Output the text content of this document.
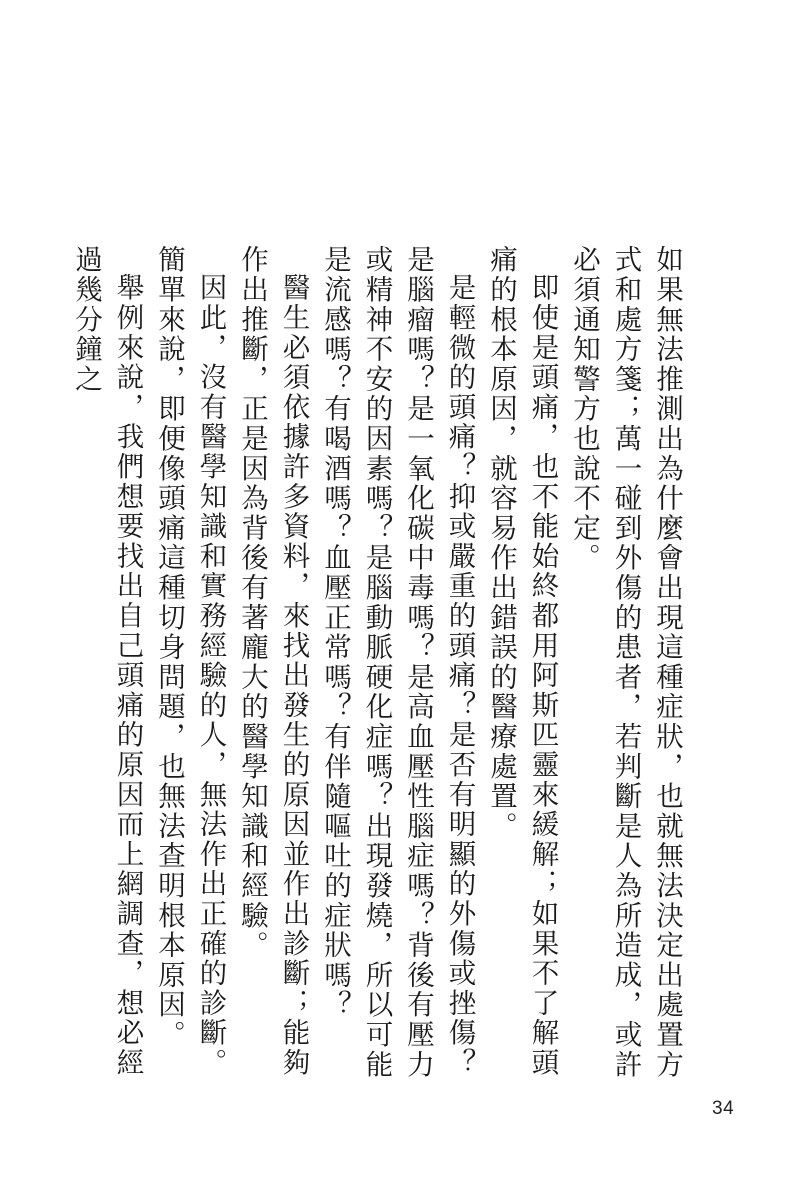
如果無法推測出為什麼會出現這種症狀，也就無法決定出處置方式和處方箋；萬一碰到外傷的患者，若判斷是人為所造成，或許必須通知警方也說不定。

即使是頭痛，也不能始終都用阿斯匹靈來緩解；如果不了解頭痛的根本原因，就容易作出錯誤的醫療處置。

是輕微的頭痛？抑或嚴重的頭痛？是否有明顯的外傷或挫傷？是腦瘤嗎？是一氧化碳中毒嗎？是高血壓性腦症嗎？背後有壓力或精神不安的因素嗎？是腦動脈硬化症嗎？出現發燒，所以可能是流感嗎？有喝酒嗎？血壓正常嗎？有伴隨嘔吐的症狀嗎？

醫生必須依據許多資料，來找出發生的原因並作出診斷；能夠作出推斷，正是因為背後有著龐大的醫學知識和經驗。

因此，沒有醫學知識和實務經驗的人，無法作出正確的診斷。簡單來說，即便像頭痛這種切身問題，也無法查明根本原因。

舉例來說，我們想要找出自己頭痛的原因而上網調查，想必經過幾分鐘之

34
